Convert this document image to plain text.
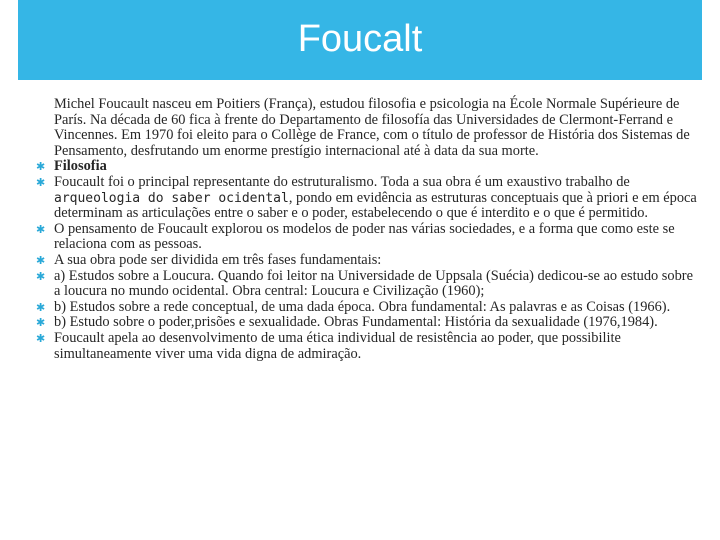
Foucalt
Michel Foucault nasceu em Poitiers (França), estudou filosofia e psicologia na École Normale Supérieure de París. Na década de 60 fica à frente do Departamento de filosofía das Universidades de Clermont-Ferrand e Vincennes. Em 1970 foi eleito para o Collège de France, com o título de professor de História dos Sistemas de Pensamento, desfrutando um enorme prestígio internacional até à data da sua morte.
✱ Filosofia
✱ Foucault foi o principal representante do estruturalismo. Toda a sua obra é um exaustivo trabalho de arqueologia do saber ocidental, pondo em evidência as estruturas conceptuais que à priori e em época determinam as articulações entre o saber e o poder, estabelecendo o que é interdito e o que é permitido.
✱ O pensamento de Foucault explorou os modelos de poder nas várias sociedades, e a forma que como este se relaciona com as pessoas.
✱ A sua obra pode ser dividida em três fases fundamentais:
✱ a) Estudos sobre a Loucura. Quando foi leitor na Universidade de Uppsala (Suécia) dedicou-se ao estudo sobre a loucura no mundo ocidental. Obra central: Loucura e Civilização (1960);
✱ b) Estudos sobre a rede conceptual, de uma dada época. Obra fundamental: As palavras e as Coisas (1966).
✱ b) Estudo sobre o poder,prisões e sexualidade. Obras Fundamental: História da sexualidade (1976,1984).
✱ Foucault apela ao desenvolvimento de uma ética individual de resistência ao poder, que possibilite simultaneamente viver uma vida digna de admiração.
